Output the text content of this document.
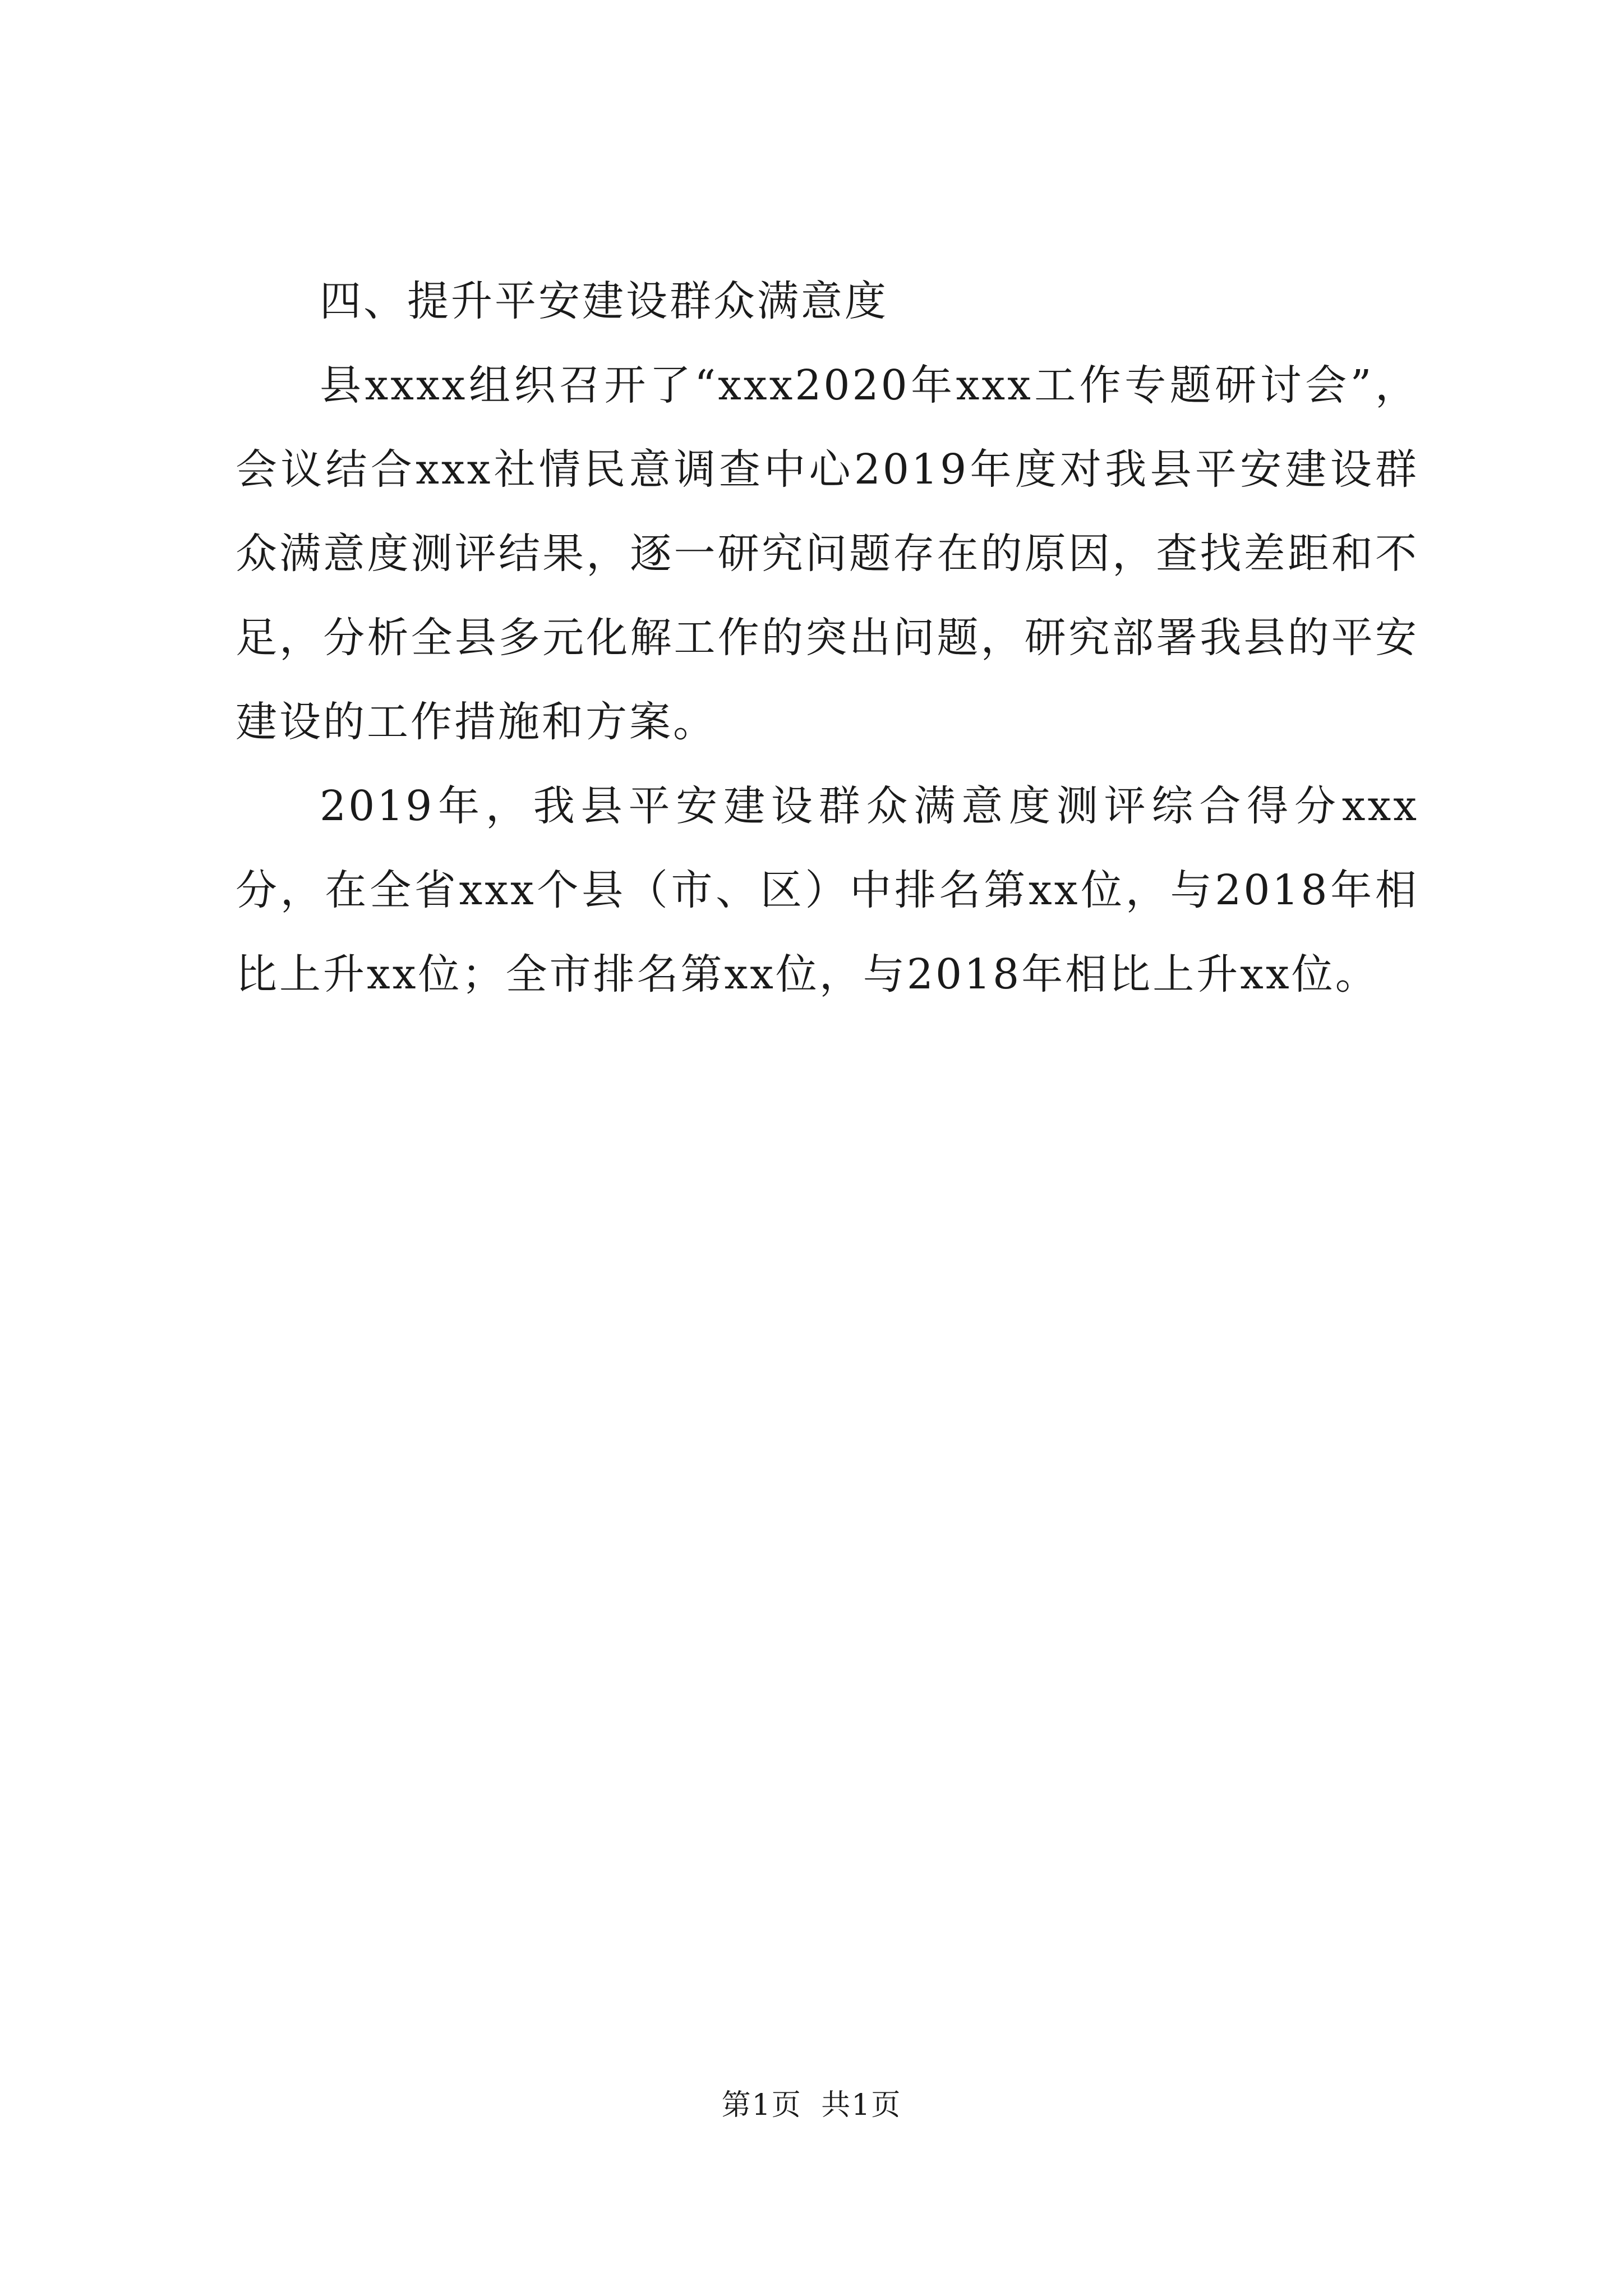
四、提升平安建设群众满意度

县xxxx组织召开了“xxx2020年xxx工作专题研讨会”，会议结合xxx社情民意调查中心2019年度对我县平安建设群众满意度测评结果，逐一研究问题存在的原因，查找差距和不足，分析全县多元化解工作的突出问题，研究部署我县的平安建设的工作措施和方案。

2019年，我县平安建设群众满意度测评综合得分xxx分，在全省xxx个县（市、区）中排名第xx位，与2018年相比上升xx位；全市排名第xx位，与2018年相比上升xx位。

第1页 共1页
